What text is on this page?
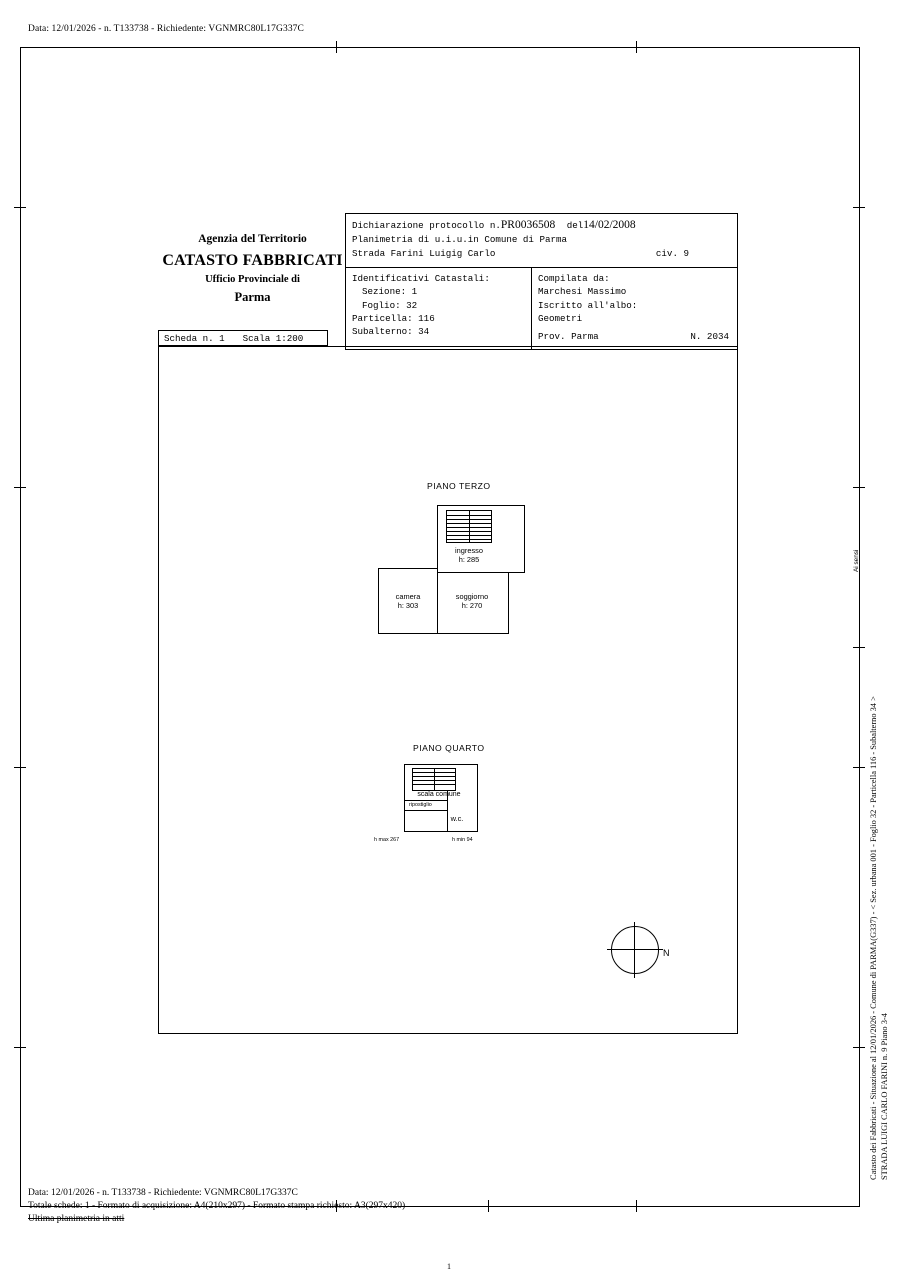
Data: 12/01/2026 - n. T133738 - Richiedente: VGNMRC80L17G337C
Agenzia del Territorio
CATASTO FABBRICATI
Ufficio Provinciale di
Parma
Dichiarazione protocollo n.PR0036508 del14/02/2008
Planimetria di u.i.u.in Comune di Parma
Strada Farini Luigig Carlo	civ. 9
Identificativi Catastali:
Sezione: 1
Foglio: 32
Particella: 116
Subalterno: 34
Compilata da:
Marchesi Massimo
Iscritto all'albo:
Geometri
Prov. Parma	N. 2034
Scheda n. 1 Scala 1:200
PIANO TERZO
PIANO QUARTO
ingresso
h: 285
camera
h: 303
soggiorno
h: 270
scala comune
ripostiglio
w.c.
h max 267	h min 94
N	Catasto dei Fabbricati - Situazione al 12/01/2026 - Comune di PARMA(G337) - < Sez. urbana 001 - Foglio 32 - Particella 116 - Subalterno 34 > STRADA LUIGI CARLO FARINI n. 9 Piano 3-4
Ai sensi
Data: 12/01/2026 - n. T133738 - Richiedente: VGNMRC80L17G337C
Totale schede: 1 - Formato di acquisizione: A4(210x297) - Formato stampa richiesto: A3(297x420)
Ultima planimetria in atti
1
